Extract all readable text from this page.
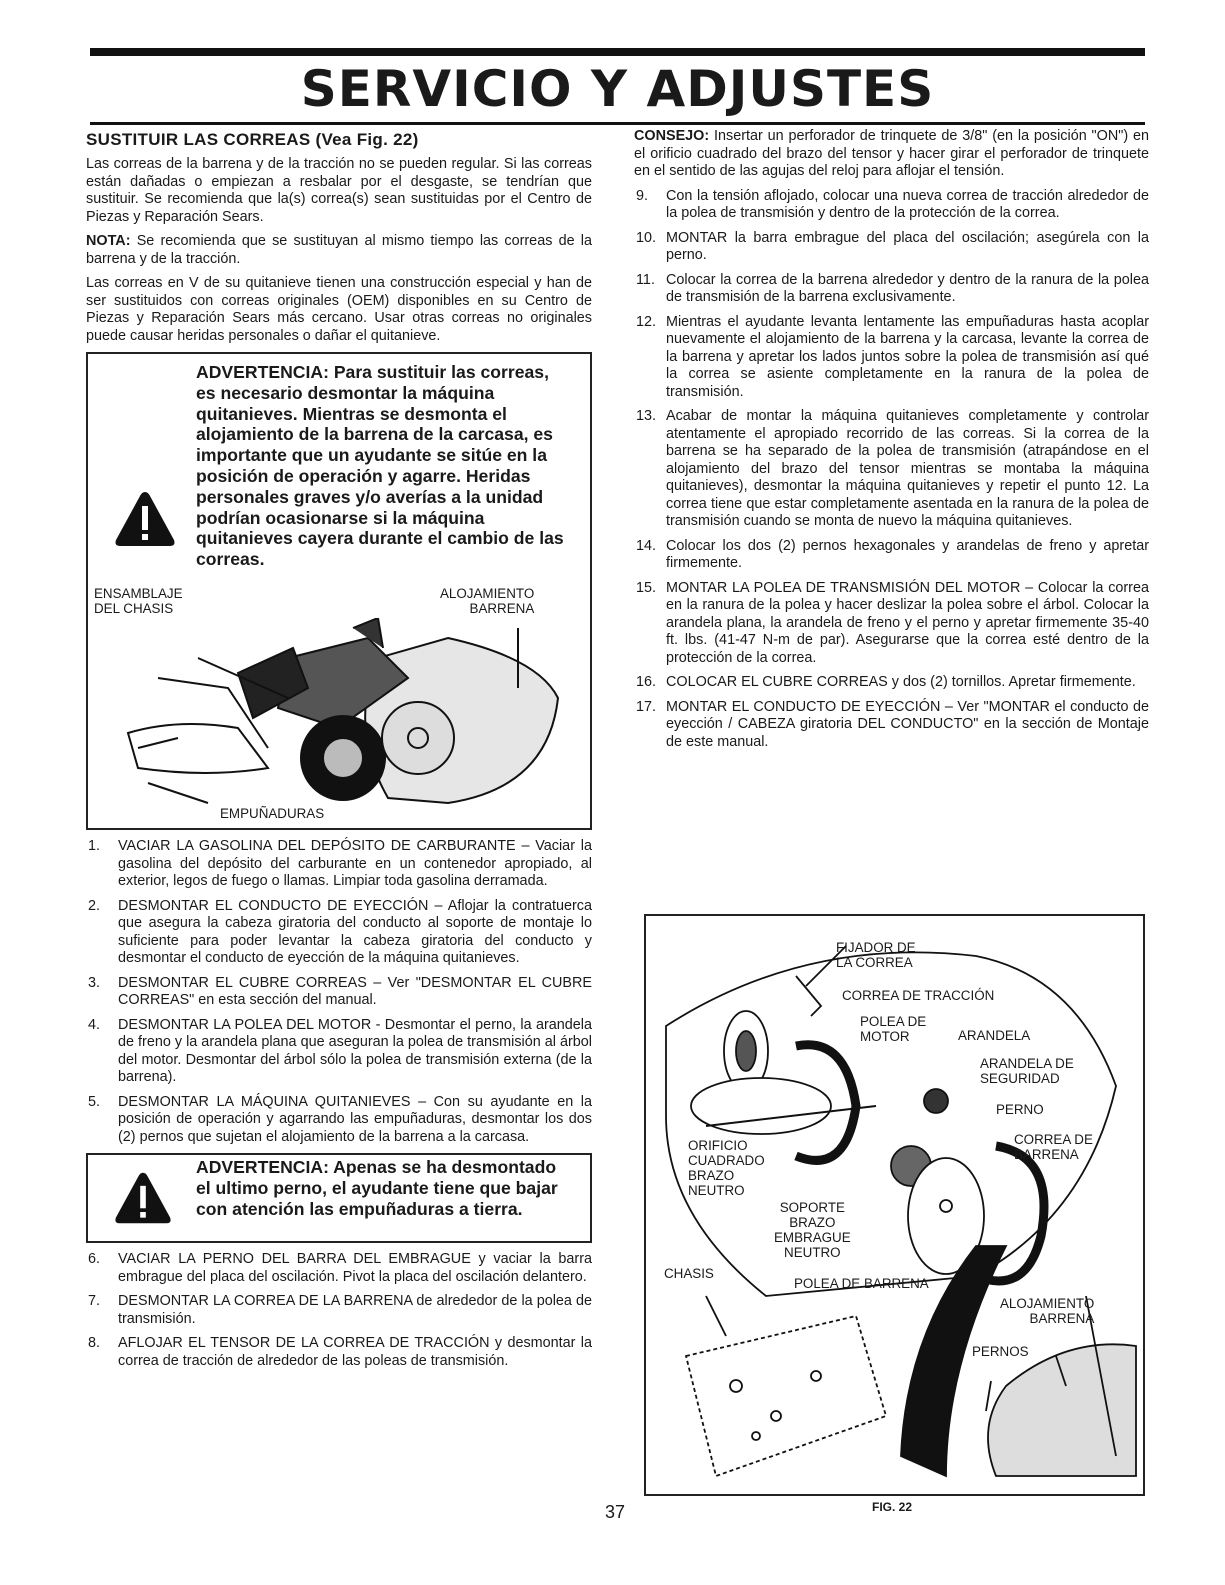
SERVICIO Y ADJUSTES
SUSTITUIR LAS CORREAS (Vea Fig. 22)

Las correas de la barrena y de la tracción no se pueden regular. Si las correas están dañadas o empiezan a resbalar por el desgaste, se tendrían que sustituir. Se recomienda que la(s) correa(s) sean sustituidas por el Centro de Piezas y Reparación Sears.

NOTA: Se recomienda que se sustituyan al mismo tiempo las correas de la barrena y de la tracción.

Las correas en V de su quitanieve tienen una construcción especial y han de ser sustituidos con correas originales (OEM) disponibles en su Centro de Piezas y Reparación Sears más cercano. Usar otras correas no originales puede causar heridas personales o dañar el quitanieve.

ADVERTENCIA: Para sustituir las correas, es necesario desmontar la máquina quitanieves. Mientras se desmonta el alojamiento de la barrena de la carcasa, es importante que un ayudante se sitúe en la posición de operación y agarre. Heridas personales graves y/o averías a la unidad podrían ocasionarse si la máquina quitanieves cayera durante el cambio de las correas.
ENSAMBLAJE
DEL CHASIS
ALOJAMIENTO
BARRENA
EMPUÑADURAS
1. VACIAR LA GASOLINA DEL DEPÓSITO DE CARBURANTE – Vaciar la gasolina del depósito del carburante en un contenedor apropiado, al exterior, legos de fuego o llamas. Limpiar toda gasolina derramada.
2. DESMONTAR EL CONDUCTO DE EYECCIÓN – Aflojar la contratuerca que asegura la cabeza giratoria del conducto al soporte de montaje lo suficiente para poder levantar la cabeza giratoria del conducto y desmontar el conducto de eyección de la máquina quitanieves.
3. DESMONTAR EL CUBRE CORREAS – Ver "DESMONTAR EL CUBRE CORREAS" en esta sección del manual.
4. DESMONTAR LA POLEA DEL MOTOR - Desmontar el perno, la arandela de freno y la arandela plana que aseguran la polea de transmisión al árbol del motor. Desmontar del árbol sólo la polea de transmisión externa (de la barrena).
5. DESMONTAR LA MÁQUINA QUITANIEVES – Con su ayudante en la posición de operación y agarrando las empuñaduras, desmontar los dos (2) pernos que sujetan el alojamiento de la barrena a la carcasa.
ADVERTENCIA: Apenas se ha desmontado el ultimo perno, el ayudante tiene que bajar con atención las empuñaduras a tierra.
6. VACIAR LA PERNO DEL BARRA DEL EMBRAGUE y vaciar la barra embrague del placa del oscilación. Pivot la placa del oscilación delantero.
7. DESMONTAR LA CORREA DE LA BARRENA de alrededor de la polea de transmisión.
8. AFLOJAR EL TENSOR DE LA CORREA DE TRACCIÓN y desmontar la correa de tracción de alrededor de las poleas de transmisión.

CONSEJO: Insertar un perforador de trinquete de 3/8" (en la posición "ON") en el orificio cuadrado del brazo del tensor y hacer girar el perforador de trinquete en el sentido de las agujas del reloj para aflojar el tensión.

9. Con la tensión aflojado, colocar una nueva correa de tracción alrededor de la polea de transmisión y dentro de la protección de la correa.
10. MONTAR la barra embrague del placa del oscilación; asegúrela con la perno.
11. Colocar la correa de la barrena alrededor y dentro de la ranura de la polea de transmisión de la barrena exclusivamente.
12. Mientras el ayudante levanta lentamente las empuñaduras hasta acoplar nuevamente el alojamiento de la barrena y la carcasa, levante la correa de la barrena y apretar los lados juntos sobre la polea de transmisión así qué la correa se asiente completamente en la ranura de la polea de transmisión.
13. Acabar de montar la máquina quitanieves completamente y controlar atentamente el apropiado recorrido de las correas. Si la correa de la barrena se ha separado de la polea de transmisión (atrapándose en el alojamiento del brazo del tensor mientras se montaba la máquina quitanieves), desmontar la máquina quitanieves y repetir el punto 12. La correa tiene que estar completamente asentada en la ranura de la polea de transmisión cuando se monta de nuevo la máquina quitanieves.
14. Colocar los dos (2) pernos hexagonales y arandelas de freno y apretar firmemente.
15. MONTAR LA POLEA DE TRANSMISIÓN DEL MOTOR – Colocar la correa en la ranura de la polea y hacer deslizar la polea sobre el árbol. Colocar la arandela plana, la arandela de freno y el perno y apretar firmemente 35-40 ft. lbs. (41-47 N-m de par). Asegurarse que la correa esté dentro de la protección de la correa.
16. COLOCAR EL CUBRE CORREAS y dos (2) tornillos. Apretar firmemente.
17. MONTAR EL CONDUCTO DE EYECCIÓN – Ver "MONTAR el conducto de eyección / CABEZA giratoria DEL CONDUCTO" en la sección de Montaje de este manual.
FIJADOR DE
LA CORREA
CORREA DE TRACCIÓN
POLEA DE
MOTOR	ARANDELA
ARANDELA DE
SEGURIDAD
PERNO
CORREA DE
BARRENA
ORIFICIO
CUADRADO
BRAZO
NEUTRO
SOPORTE
BRAZO
EMBRAGUE
NEUTRO
CHASIS
POLEA DE BARRENA
ALOJAMIENTO
BARRENA
PERNOS
37	FIG. 22
